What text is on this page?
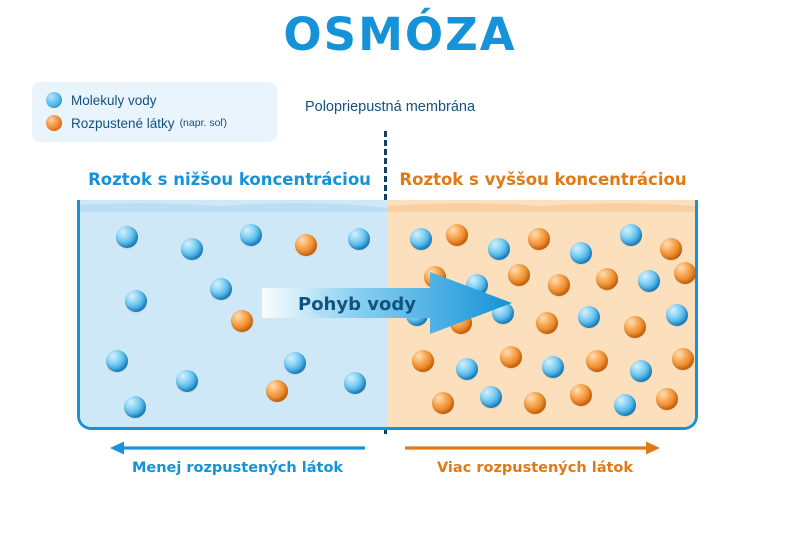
OSMÓZA
Molekuly vody
Rozpustené látky (napr. soľ)
Polopriepustná membrána
Roztok s nižšou koncentráciou	Roztok s vyššou koncentráciou
Pohyb vody
Menej rozpustených látok	Viac rozpustených látok
